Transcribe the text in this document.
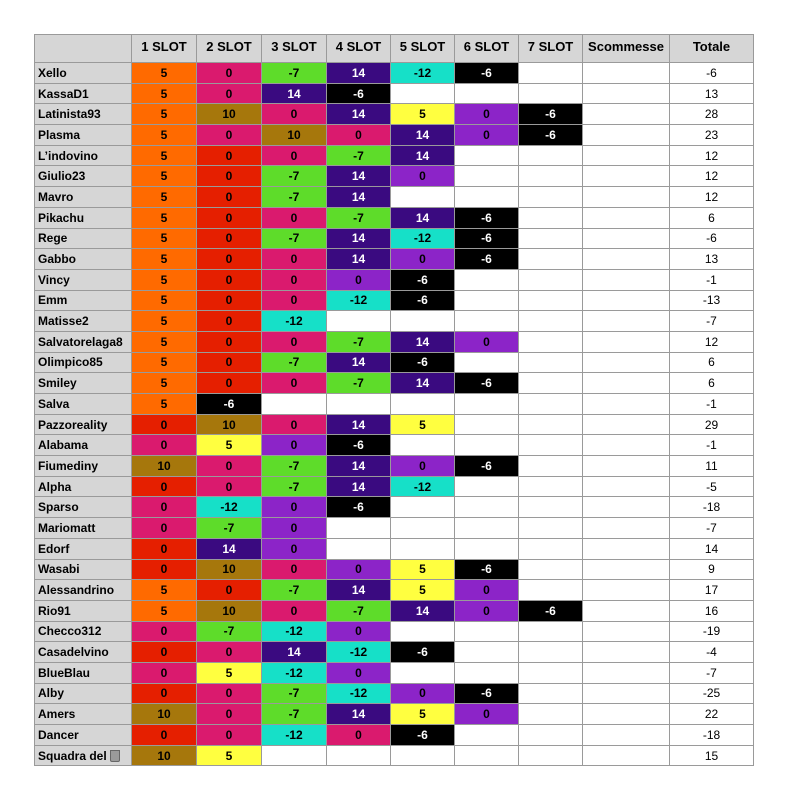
	1 SLOT	2 SLOT	3 SLOT	4 SLOT	5 SLOT	6 SLOT	7 SLOT	Scommesse	Totale
Xello	5	0	-7	14	-12	-6			-6
KassaD1	5	0	14	-6					13
Latinista93	5	10	0	14	5	0	-6		28
Plasma	5	0	10	0	14	0	-6		23
L’indovino	5	0	0	-7	14				12
Giulio23	5	0	-7	14	0				12
Mavro	5	0	-7	14					12
Pikachu	5	0	0	-7	14	-6			6
Rege	5	0	-7	14	-12	-6			-6
Gabbo	5	0	0	14	0	-6			13
Vincy	5	0	0	0	-6				-1
Emm	5	0	0	-12	-6				-13
Matisse2	5	0	-12						-7
Salvatorelaga8	5	0	0	-7	14	0			12
Olimpico85	5	0	-7	14	-6				6
Smiley	5	0	0	-7	14	-6			6
Salva	5	-6							-1
Pazzoreality	0	10	0	14	5				29
Alabama	0	5	0	-6					-1
Fiumediny	10	0	-7	14	0	-6			11
Alpha	0	0	-7	14	-12				-5
Sparso	0	-12	0	-6					-18
Mariomatt	0	-7	0						-7
Edorf	0	14	0						14
Wasabi	0	10	0	0	5	-6			9
Alessandrino	5	0	-7	14	5	0			17
Rio91	5	10	0	-7	14	0	-6		16
Checco312	0	-7	-12	0					-19
Casadelvino	0	0	14	-12	-6				-4
BlueBlau	0	5	-12	0					-7
Alby	0	0	-7	-12	0	-6			-25
Amers	10	0	-7	14	5	0			22
Dancer	0	0	-12	0	-6				-18
Squadra del	10	5							15
